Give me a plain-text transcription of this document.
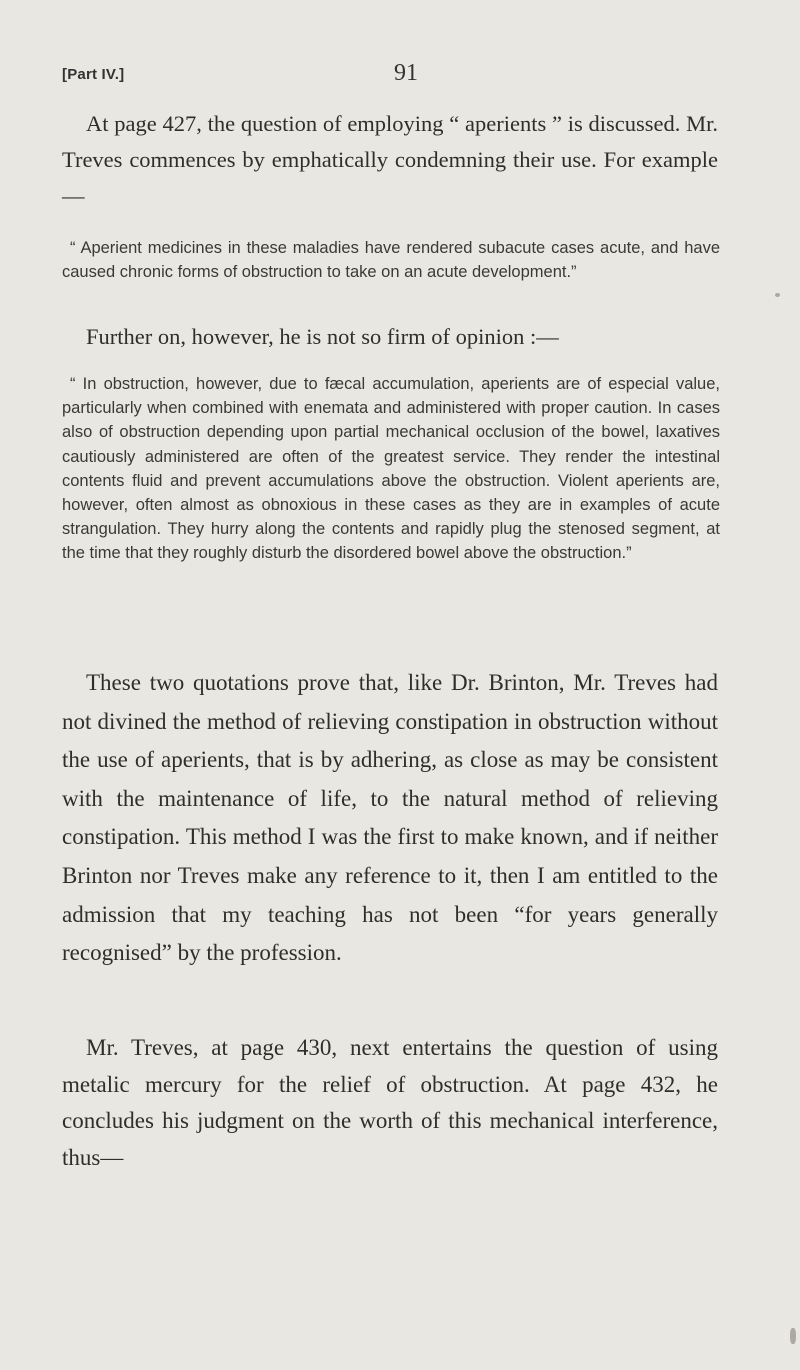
[Part IV.]	91

At page 427, the question of employing “ aperients ” is discussed. Mr. Treves commences by emphatically condemning their use. For example—

“ Aperient medicines in these maladies have rendered subacute cases acute, and have caused chronic forms of obstruction to take on an acute development.”

Further on, however, he is not so firm of opinion :—

“ In obstruction, however, due to fæcal accumulation, aperients are of especial value, particularly when combined with enemata and administered with proper caution. In cases also of obstruction depending upon partial mechanical occlusion of the bowel, laxatives cautiously administered are often of the greatest service. They render the intestinal contents fluid and prevent accumulations above the obstruction. Violent aperients are, however, often almost as obnoxious in these cases as they are in examples of acute strangulation. They hurry along the contents and rapidly plug the stenosed segment, at the time that they roughly disturb the disordered bowel above the obstruction.”

These two quotations prove that, like Dr. Brinton, Mr. Treves had not divined the method of relieving constipation in obstruction without the use of aperients, that is by adhering, as close as may be consistent with the maintenance of life, to the natural method of relieving constipation. This method I was the first to make known, and if neither Brinton nor Treves make any reference to it, then I am entitled to the admission that my teaching has not been “for years generally recognised” by the profession.

Mr. Treves, at page 430, next entertains the question of using metalic mercury for the relief of obstruction. At page 432, he concludes his judgment on the worth of this mechanical interference, thus—
